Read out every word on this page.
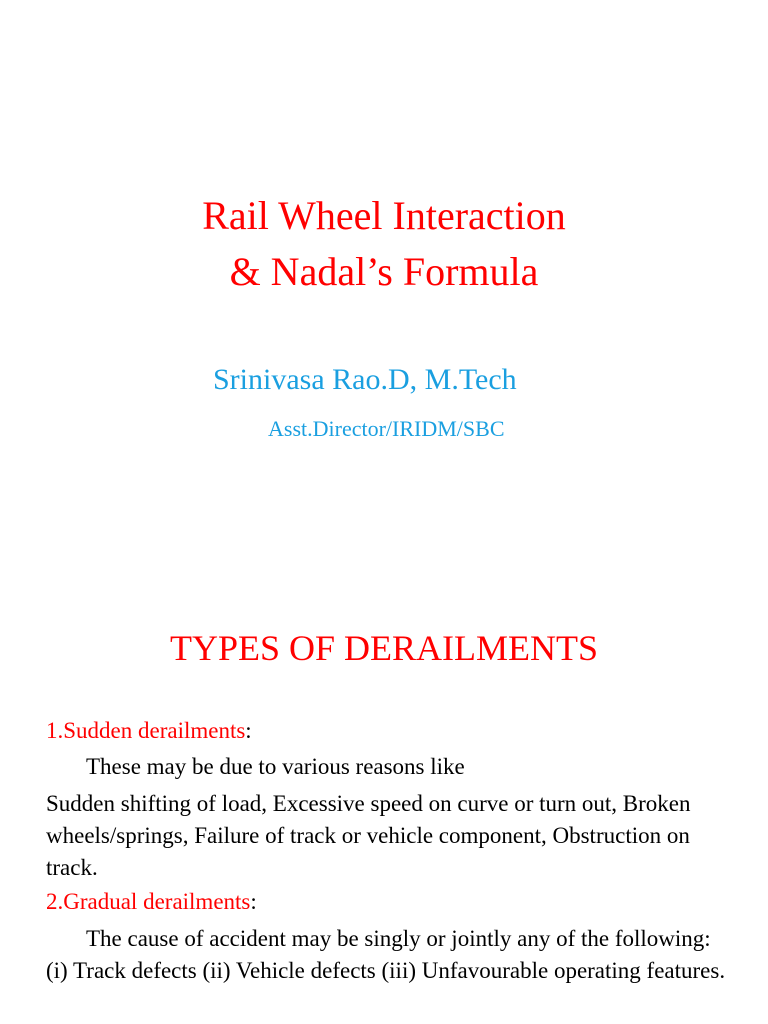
Rail Wheel Interaction
& Nadal’s Formula

Srinivasa Rao.D, M.Tech

Asst.Director/IRIDM/SBC

TYPES OF DERAILMENTS

1.Sudden derailments:

These may be due to various reasons like

Sudden shifting of load, Excessive speed on curve or turn out, Broken wheels/springs, Failure of track or vehicle component, Obstruction on track.

2.Gradual derailments:

The cause of accident may be singly or jointly any of the following: (i) Track defects (ii) Vehicle defects (iii) Unfavourable operating features.
